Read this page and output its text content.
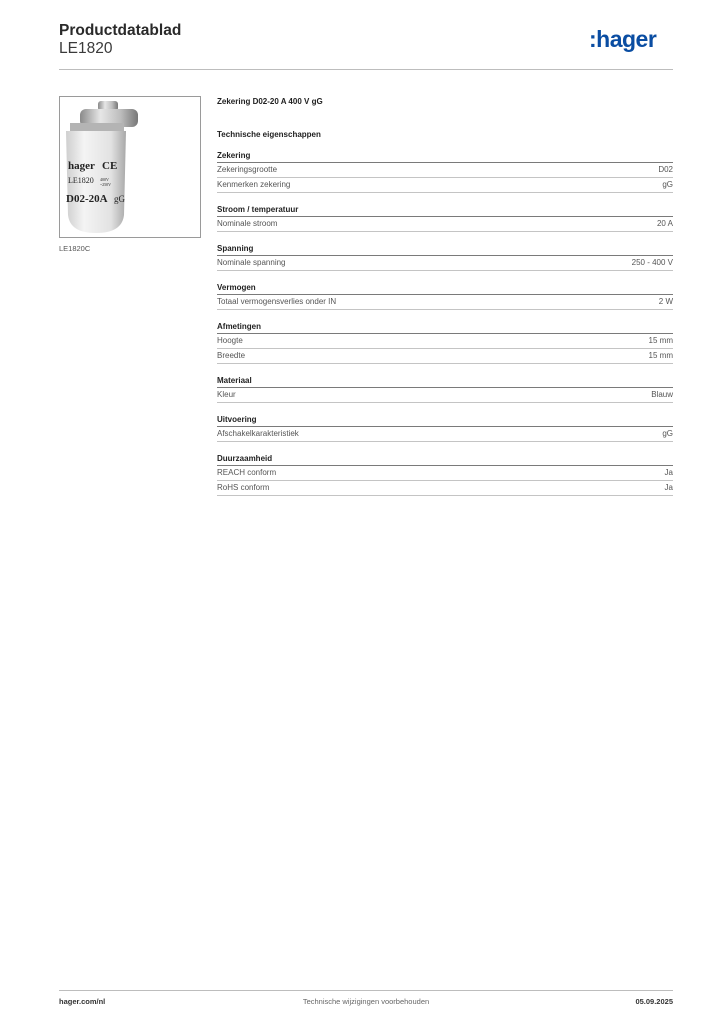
Productdatablad
LE1820	:hager
hager CE
LE1820 400V
~250V
D02-20A gG
LE1820C
Zekering D02-20 A 400 V gG
Technische eigenschappen
Zekering
Zekeringsgrootte	D02
Kenmerken zekering	gG
Stroom / temperatuur
Nominale stroom	20 A
Spanning
Nominale spanning	250 - 400 V
Vermogen
Totaal vermogensverlies onder IN	2 W
Afmetingen
Hoogte	15 mm
Breedte	15 mm
Materiaal
Kleur	Blauw
Uitvoering
Afschakelkarakteristiek	gG
Duurzaamheid
REACH conform	Ja
RoHS conform	Ja
hager.com/nl	Technische wijzigingen voorbehouden	05.09.2025
